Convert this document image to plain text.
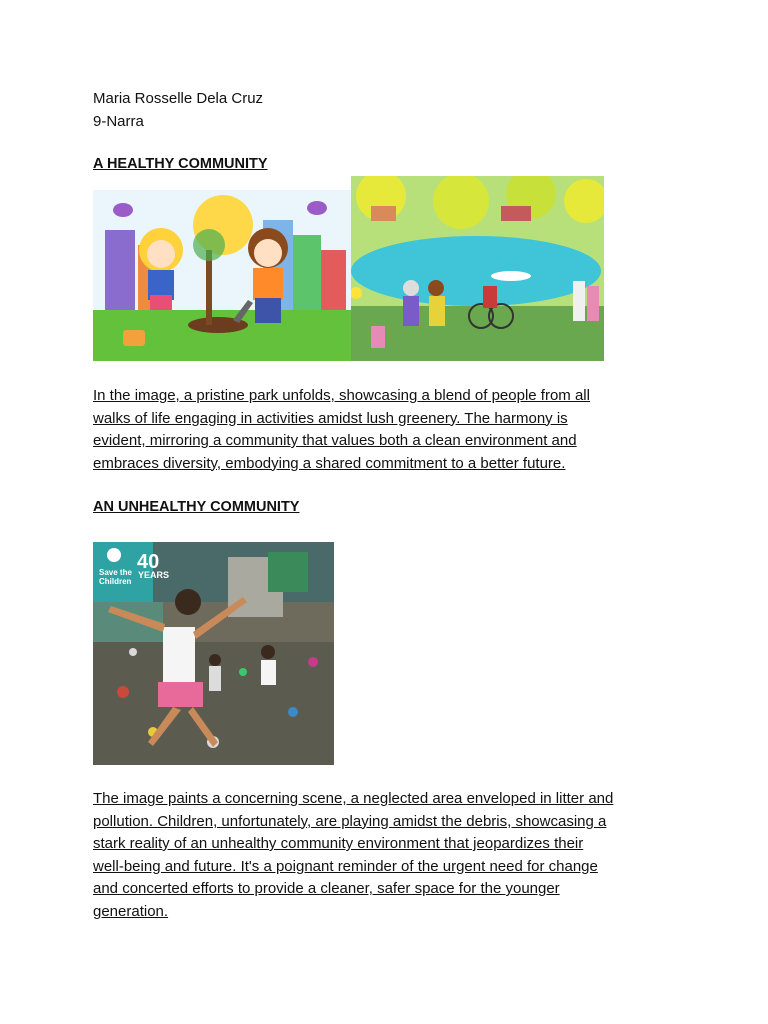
Maria Rosselle Dela Cruz
9-Narra
A HEALTHY COMMUNITY
In the image, a pristine park unfolds, showcasing a blend of people from all
walks of life engaging in activities amidst lush greenery. The harmony is
evident, mirroring a community that values both a clean environment and
embraces diversity, embodying a shared commitment to a better future.
AN UNHEALTHY COMMUNITY
Save the
Children
40
YEARS
The image paints a concerning scene, a neglected area enveloped in litter and
pollution. Children, unfortunately, are playing amidst the debris, showcasing a
stark reality of an unhealthy community environment that jeopardizes their
well-being and future. It's a poignant reminder of the urgent need for change
and concerted efforts to provide a cleaner, safer space for the younger
generation.
